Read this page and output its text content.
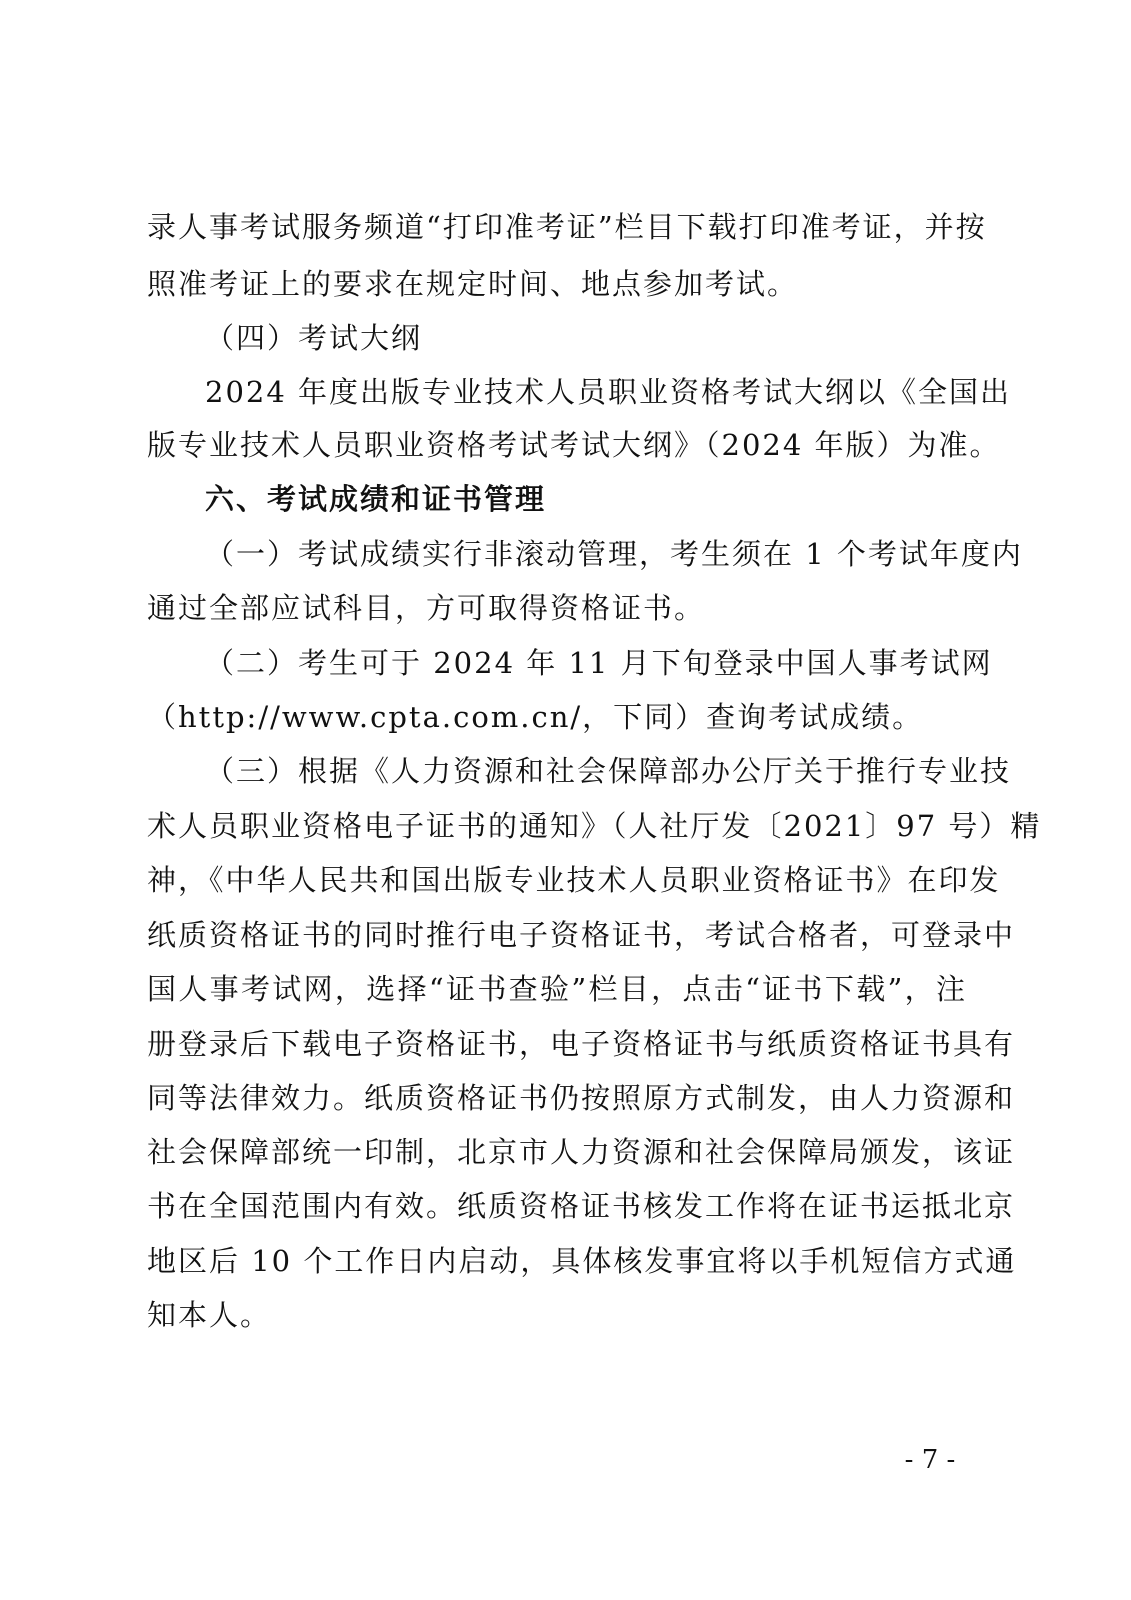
录人事考试服务频道“打印准考证”栏目下载打印准考证，并按

照准考证上的要求在规定时间、地点参加考试。

（四）考试大纲

2024 年度出版专业技术人员职业资格考试大纲以《全国出

版专业技术人员职业资格考试考试大纲》（2024 年版）为准。

六、考试成绩和证书管理

（一）考试成绩实行非滚动管理，考生须在 1 个考试年度内

通过全部应试科目，方可取得资格证书。

（二）考生可于 2024 年 11 月下旬登录中国人事考试网

（http://www.cpta.com.cn/，下同）查询考试成绩。

（三）根据《人力资源和社会保障部办公厅关于推行专业技

术人员职业资格电子证书的通知》（人社厅发〔2021〕97 号）精

神，《中华人民共和国出版专业技术人员职业资格证书》在印发

纸质资格证书的同时推行电子资格证书，考试合格者，可登录中

国人事考试网，选择“证书查验”栏目，点击“证书下载”，注

册登录后下载电子资格证书，电子资格证书与纸质资格证书具有

同等法律效力。纸质资格证书仍按照原方式制发，由人力资源和

社会保障部统一印制，北京市人力资源和社会保障局颁发，该证

书在全国范围内有效。纸质资格证书核发工作将在证书运抵北京

地区后 10 个工作日内启动，具体核发事宜将以手机短信方式通

知本人。

- 7 -
